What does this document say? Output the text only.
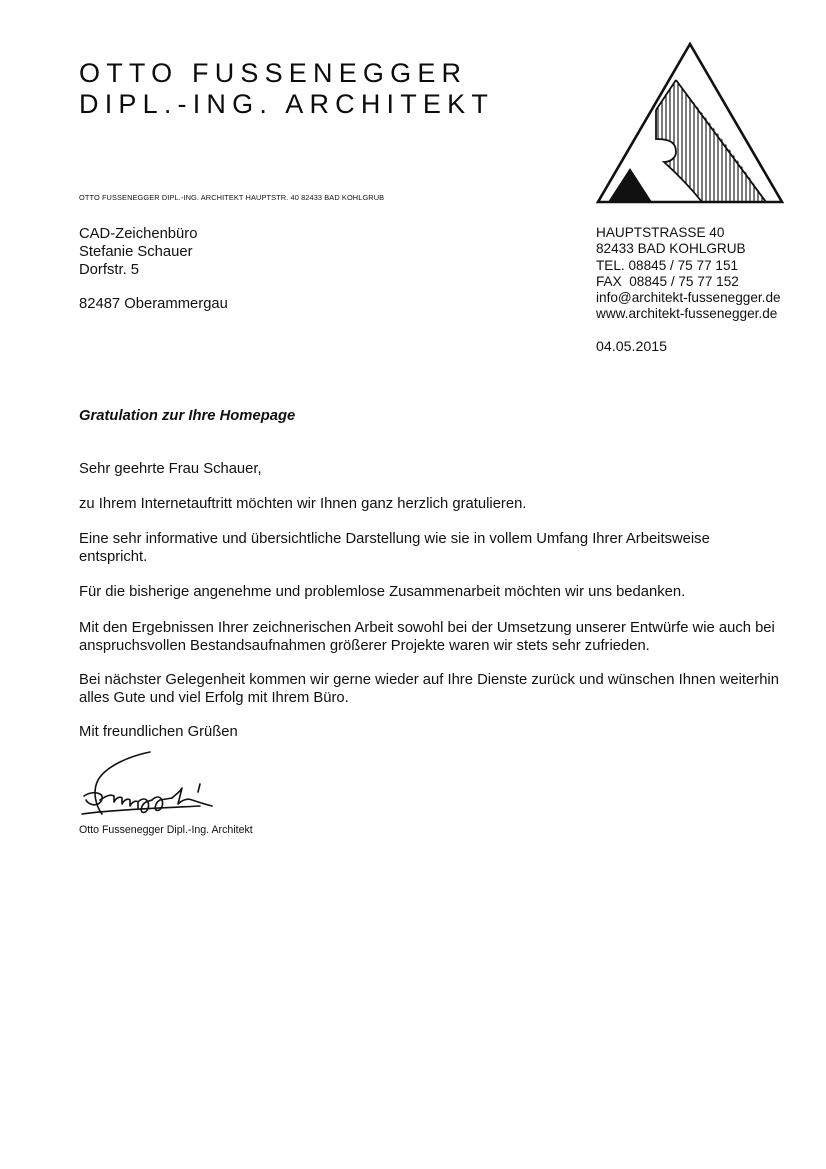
OTTO FUSSENEGGER
DIPL.-ING. ARCHITEKT
OTTO FUSSENEGGER DIPL.-ING. ARCHITEKT HAUPTSTR. 40 82433 BAD KOHLGRUB
CAD-Zeichenbüro
Stefanie Schauer
Dorfstr. 5
82487 Oberammergau
HAUPTSTRASSE 40
82433 BAD KOHLGRUB
TEL. 08845 / 75 77 151
FAX  08845 / 75 77 152
info@architekt-fussenegger.de
www.architekt-fussenegger.de
04.05.2015
Gratulation zur Ihre Homepage
Sehr geehrte Frau Schauer,

zu Ihrem Internetauftritt möchten wir Ihnen ganz herzlich gratulieren.

Eine sehr informative und übersichtliche Darstellung wie sie in vollem Umfang Ihrer Arbeitsweise entspricht.

Für die bisherige angenehme und problemlose Zusammenarbeit möchten wir uns bedanken.

Mit den Ergebnissen Ihrer zeichnerischen Arbeit sowohl bei der Umsetzung unserer Entwürfe wie auch bei anspruchsvollen Bestandsaufnahmen größerer Projekte waren wir stets sehr zufrieden.

Bei nächster Gelegenheit kommen wir gerne wieder auf Ihre Dienste zurück und wünschen Ihnen weiterhin alles Gute und viel Erfolg mit Ihrem Büro.

Mit freundlichen Grüßen
Otto Fussenegger Dipl.-Ing. Architekt
